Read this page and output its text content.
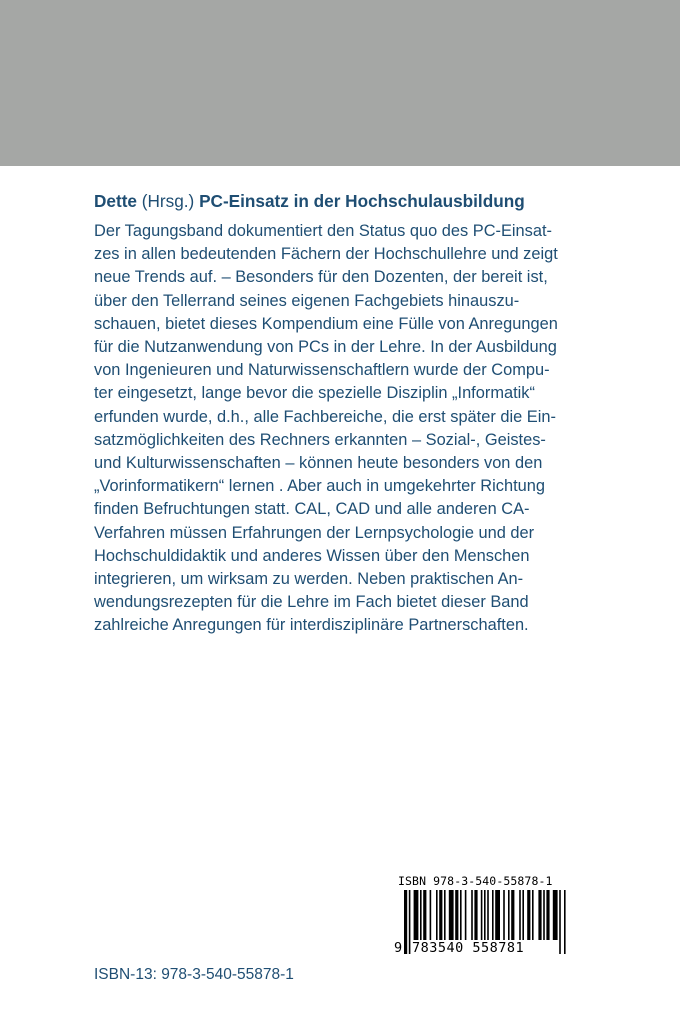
Dette (Hrsg.) PC-Einsatz in der Hochschulausbildung

Der Tagungsband dokumentiert den Status quo des PC-Einsat-
zes in allen bedeutenden Fächern der Hochschullehre und zeigt
neue Trends auf. – Besonders für den Dozenten, der bereit ist,
über den Tellerrand seines eigenen Fachgebiets hinauszu-
schauen, bietet dieses Kompendium eine Fülle von Anregungen
für die Nutzanwendung von PCs in der Lehre. In der Ausbildung
von Ingenieuren und Naturwissenschaftlern wurde der Compu-
ter eingesetzt, lange bevor die spezielle Disziplin „Informatik“
erfunden wurde, d.h., alle Fachbereiche, die erst später die Ein-
satzmöglichkeiten des Rechners erkannten – Sozial-, Geistes-
und Kulturwissenschaften – können heute besonders von den
„Vorinformatikern“ lernen . Aber auch in umgekehrter Richtung
finden Befruchtungen statt. CAL, CAD und alle anderen CA-
Verfahren müssen Erfahrungen der Lernpsychologie und der
Hochschuldidaktik und anderes Wissen über den Menschen
integrieren, um wirksam zu werden. Neben praktischen An-
wendungsrezepten für die Lehre im Fach bietet dieser Band
zahlreiche Anregungen für interdisziplinäre Partnerschaften.

ISBN 978-3-540-55878-1
9 783540 558781
ISBN-13: 978-3-540-55878-1
